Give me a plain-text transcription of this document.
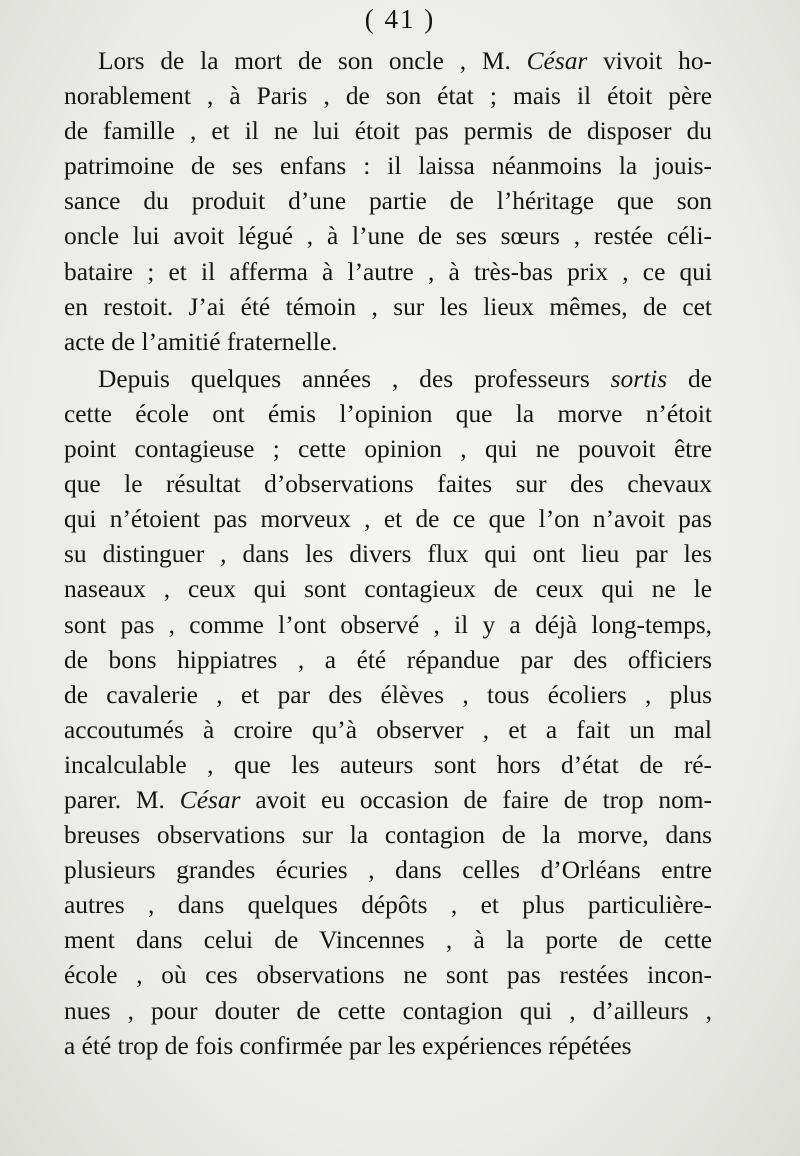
( 41 )
Lors de la mort de son oncle , M. César vivoit ho-
norablement , à Paris , de son état ; mais il étoit père
de famille , et il ne lui étoit pas permis de disposer du
patrimoine de ses enfans : il laissa néanmoins la jouis-
sance du produit d’une partie de l’héritage que son
oncle lui avoit légué , à l’une de ses sœurs , restée céli-
bataire ; et il afferma à l’autre , à très-bas prix , ce qui
en restoit. J’ai été témoin , sur les lieux mêmes, de cet
acte de l’amitié fraternelle.
Depuis quelques années , des professeurs sortis de
cette école ont émis l’opinion que la morve n’étoit
point contagieuse ; cette opinion , qui ne pouvoit être
que le résultat d’observations faites sur des chevaux
qui n’étoient pas morveux , et de ce que l’on n’avoit pas
su distinguer , dans les divers flux qui ont lieu par les
naseaux , ceux qui sont contagieux de ceux qui ne le
sont pas , comme l’ont observé , il y a déjà long-temps,
de bons hippiatres , a été répandue par des officiers
de cavalerie , et par des élèves , tous écoliers , plus
accoutumés à croire qu’à observer , et a fait un mal
incalculable , que les auteurs sont hors d’état de ré-
parer. M. César avoit eu occasion de faire de trop nom-
breuses observations sur la contagion de la morve, dans
plusieurs grandes écuries , dans celles d’Orléans entre
autres , dans quelques dépôts , et plus particulière-
ment dans celui de Vincennes , à la porte de cette
école , où ces observations ne sont pas restées incon-
nues , pour douter de cette contagion qui , d’ailleurs ,
a été trop de fois confirmée par les expériences répétées
